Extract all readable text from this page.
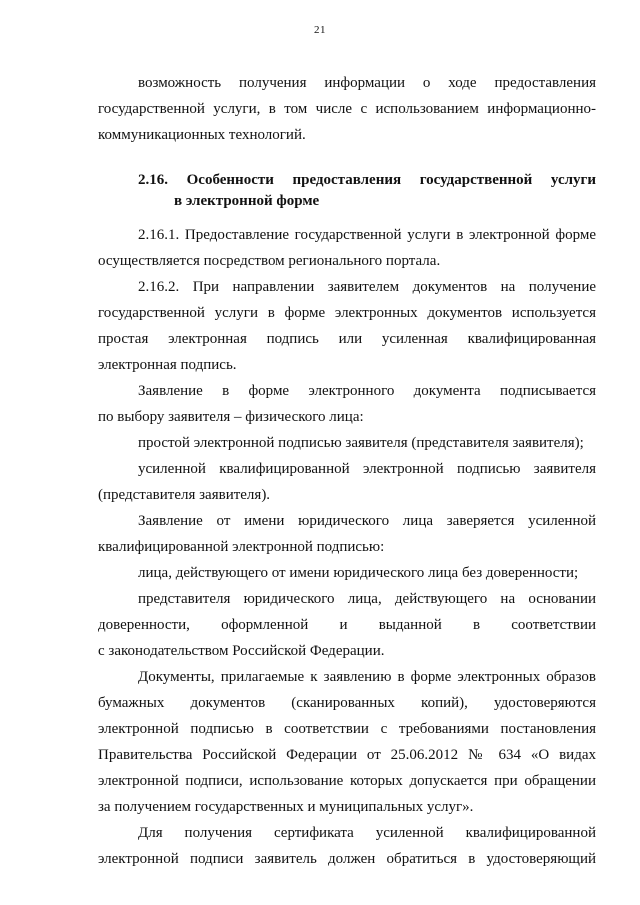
21
возможность получения информации о ходе предоставления
государственной услуги, в том числе с использованием информационно-
коммуникационных технологий.
2.16. Особенности предоставления государственной услуги
в электронной форме
2.16.1. Предоставление государственной услуги в электронной форме
осуществляется посредством регионального портала.
2.16.2. При направлении заявителем документов на получение
государственной услуги в форме электронных документов используется
простая электронная подпись или усиленная квалифицированная
электронная подпись.
Заявление в форме электронного документа подписывается
по выбору заявителя – физического лица:
простой электронной подписью заявителя (представителя заявителя);
усиленной квалифицированной электронной подписью заявителя
(представителя заявителя).
Заявление от имени юридического лица заверяется усиленной
квалифицированной электронной подписью:
лица, действующего от имени юридического лица без доверенности;
представителя юридического лица, действующего на основании
доверенности, оформленной и выданной в соответствии
с законодательством Российской Федерации.
Документы, прилагаемые к заявлению в форме электронных образов
бумажных документов (сканированных копий), удостоверяются
электронной подписью в соответствии с требованиями постановления
Правительства Российской Федерации от 25.06.2012 № 634 «О видах
электронной подписи, использование которых допускается при обращении
за получением государственных и муниципальных услуг».
Для получения сертификата усиленной квалифицированной
электронной подписи заявитель должен обратиться в удостоверяющий
